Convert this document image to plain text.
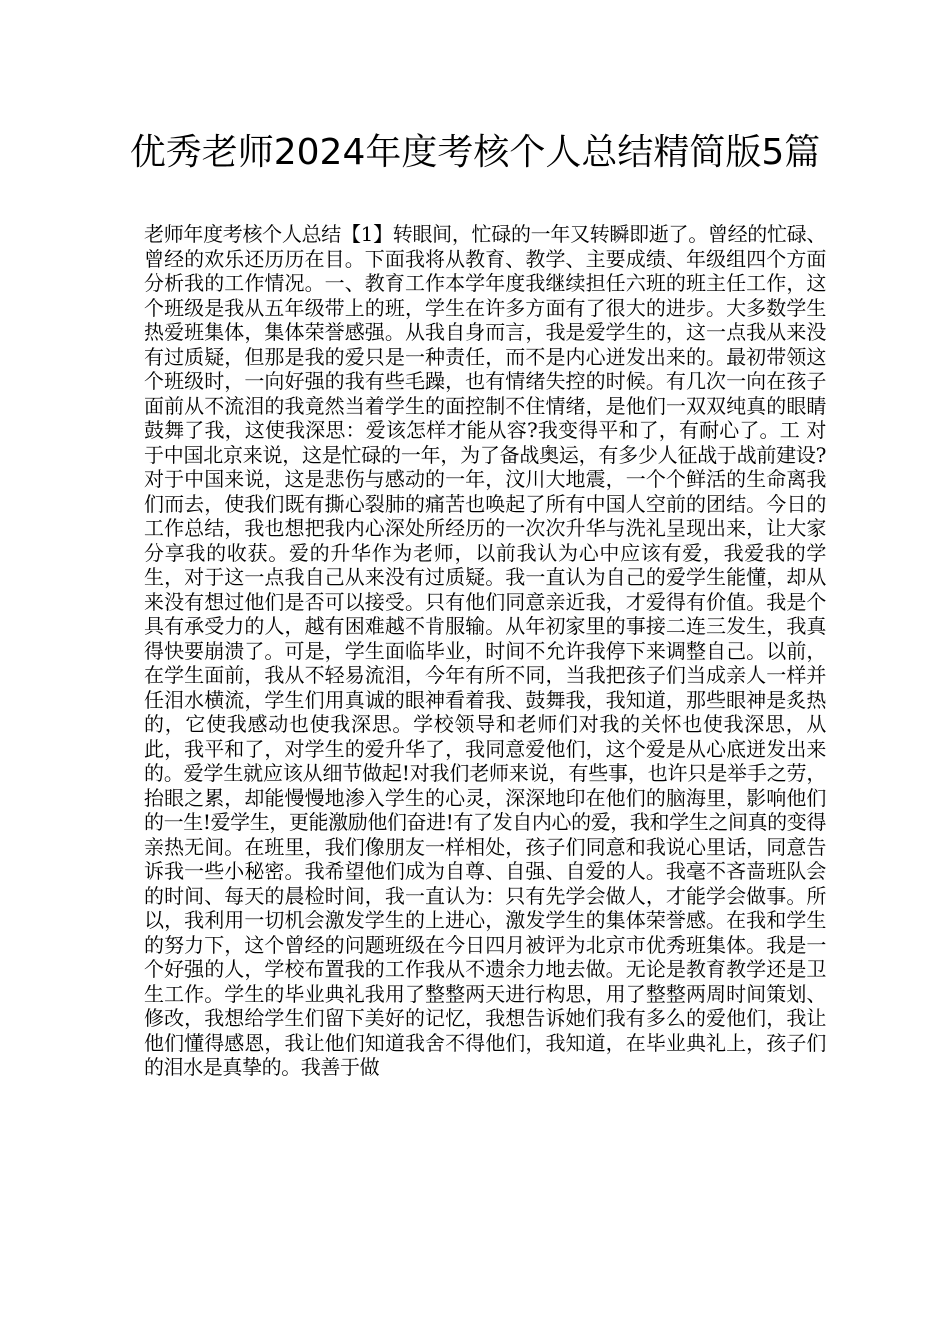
优秀老师2024年度考核个人总结精简版5篇

老师年度考核个人总结【1】转眼间，忙碌的一年又转瞬即逝了。曾经的忙碌、曾经的欢乐还历历在目。下面我将从教育、教学、主要成绩、年级组四个方面分析我的工作情况。一、教育工作本学年度我继续担任六班的班主任工作，这个班级是我从五年级带上的班，学生在许多方面有了很大的进步。大多数学生热爱班集体，集体荣誉感强。从我自身而言，我是爱学生的，这一点我从来没有过质疑，但那是我的爱只是一种责任，而不是内心迸发出来的。最初带领这个班级时，一向好强的我有些毛躁，也有情绪失控的时候。有几次一向在孩子面前从不流泪的我竟然当着学生的面控制不住情绪，是他们一双双纯真的眼睛鼓舞了我，这使我深思：爱该怎样才能从容?我变得平和了，有耐心了。工 对于中国北京来说，这是忙碌的一年，为了备战奥运，有多少人征战于战前建设?对于中国来说，这是悲伤与感动的一年，汶川大地震，一个个鲜活的生命离我们而去，使我们既有撕心裂肺的痛苦也唤起了所有中国人空前的团结。今日的工作总结，我也想把我内心深处所经历的一次次升华与洗礼呈现出来，让大家分享我的收获。爱的升华作为老师，以前我认为心中应该有爱，我爱我的学生，对于这一点我自己从来没有过质疑。我一直认为自己的爱学生能懂，却从来没有想过他们是否可以接受。只有他们同意亲近我，才爱得有价值。我是个具有承受力的人，越有困难越不肯服输。从年初家里的事接二连三发生，我真得快要崩溃了。可是，学生面临毕业，时间不允许我停下来调整自己。以前，在学生面前，我从不轻易流泪，今年有所不同，当我把孩子们当成亲人一样并任泪水横流，学生们用真诚的眼神看着我、鼓舞我，我知道，那些眼神是炙热的，它使我感动也使我深思。学校领导和老师们对我的关怀也使我深思，从此，我平和了，对学生的爱升华了，我同意爱他们，这个爱是从心底迸发出来的。爱学生就应该从细节做起!对我们老师来说，有些事，也许只是举手之劳，抬眼之累，却能慢慢地渗入学生的心灵，深深地印在他们的脑海里，影响他们的一生!爱学生，更能激励他们奋进!有了发自内心的爱，我和学生之间真的变得亲热无间。在班里，我们像朋友一样相处，孩子们同意和我说心里话，同意告诉我一些小秘密。我希望他们成为自尊、自强、自爱的人。我毫不吝啬班队会的时间、每天的晨检时间，我一直认为：只有先学会做人，才能学会做事。所以，我利用一切机会激发学生的上进心，激发学生的集体荣誉感。在我和学生的努力下，这个曾经的问题班级在今日四月被评为北京市优秀班集体。我是一个好强的人，学校布置我的工作我从不遗余力地去做。无论是教育教学还是卫生工作。学生的毕业典礼我用了整整两天进行构思，用了整整两周时间策划、修改，我想给学生们留下美好的记忆，我想告诉她们我有多么的爱他们，我让他们懂得感恩，我让他们知道我舍不得他们，我知道，在毕业典礼上，孩子们的泪水是真挚的。我善于做
